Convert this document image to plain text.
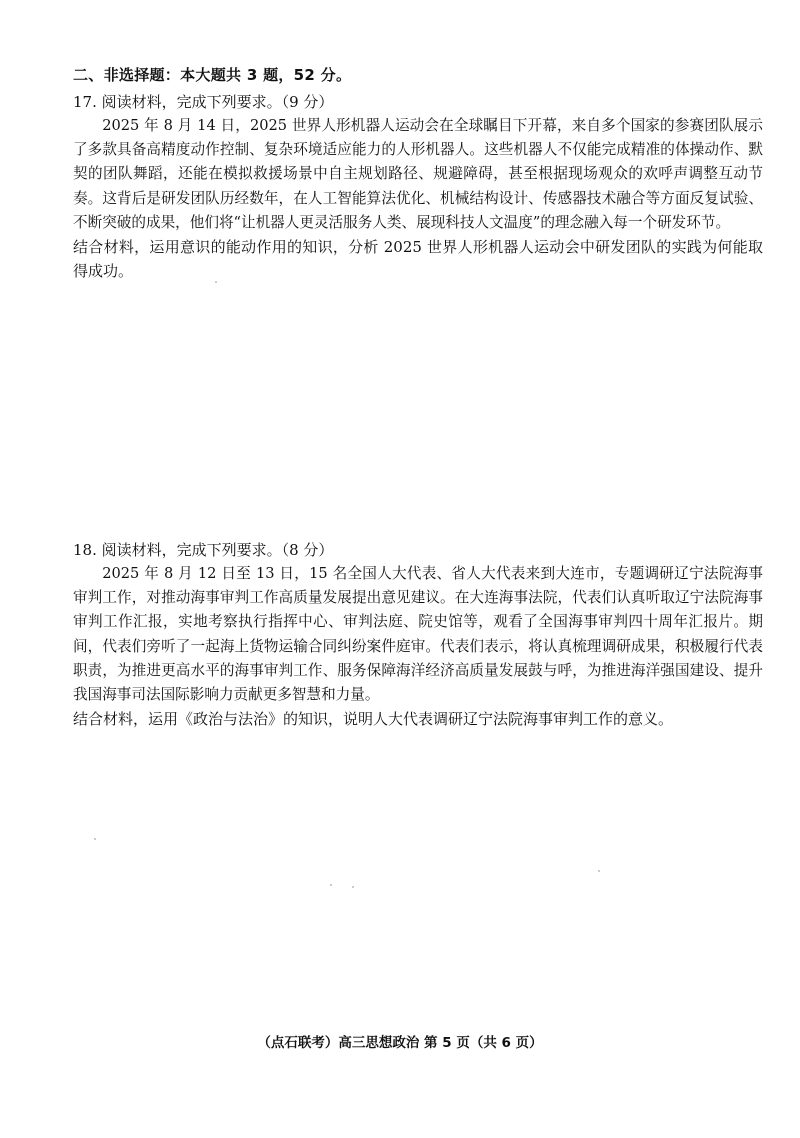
二、非选择题：本大题共 3 题，52 分。
17. 阅读材料，完成下列要求。（9 分）

2025 年 8 月 14 日，2025 世界人形机器人运动会在全球瞩目下开幕，来自多个国家的参赛团队展示了多款具备高精度动作控制、复杂环境适应能力的人形机器人。这些机器人不仅能完成精准的体操动作、默契的团队舞蹈，还能在模拟救援场景中自主规划路径、规避障碍，甚至根据现场观众的欢呼声调整互动节奏。这背后是研发团队历经数年，在人工智能算法优化、机械结构设计、传感器技术融合等方面反复试验、不断突破的成果，他们将“让机器人更灵活服务人类、展现科技人文温度”的理念融入每一个研发环节。

结合材料，运用意识的能动作用的知识，分析 2025 世界人形机器人运动会中研发团队的实践为何能取得成功。

18. 阅读材料，完成下列要求。（8 分）

2025 年 8 月 12 日至 13 日，15 名全国人大代表、省人大代表来到大连市，专题调研辽宁法院海事审判工作，对推动海事审判工作高质量发展提出意见建议。在大连海事法院，代表们认真听取辽宁法院海事审判工作汇报，实地考察执行指挥中心、审判法庭、院史馆等，观看了全国海事审判四十周年汇报片。期间，代表们旁听了一起海上货物运输合同纠纷案件庭审。代表们表示，将认真梳理调研成果，积极履行代表职责，为推进更高水平的海事审判工作、服务保障海洋经济高质量发展鼓与呼，为推进海洋强国建设、提升我国海事司法国际影响力贡献更多智慧和力量。

结合材料，运用《政治与法治》的知识，说明人大代表调研辽宁法院海事审判工作的意义。

（点石联考）高三思想政治 第 5 页（共 6 页）
